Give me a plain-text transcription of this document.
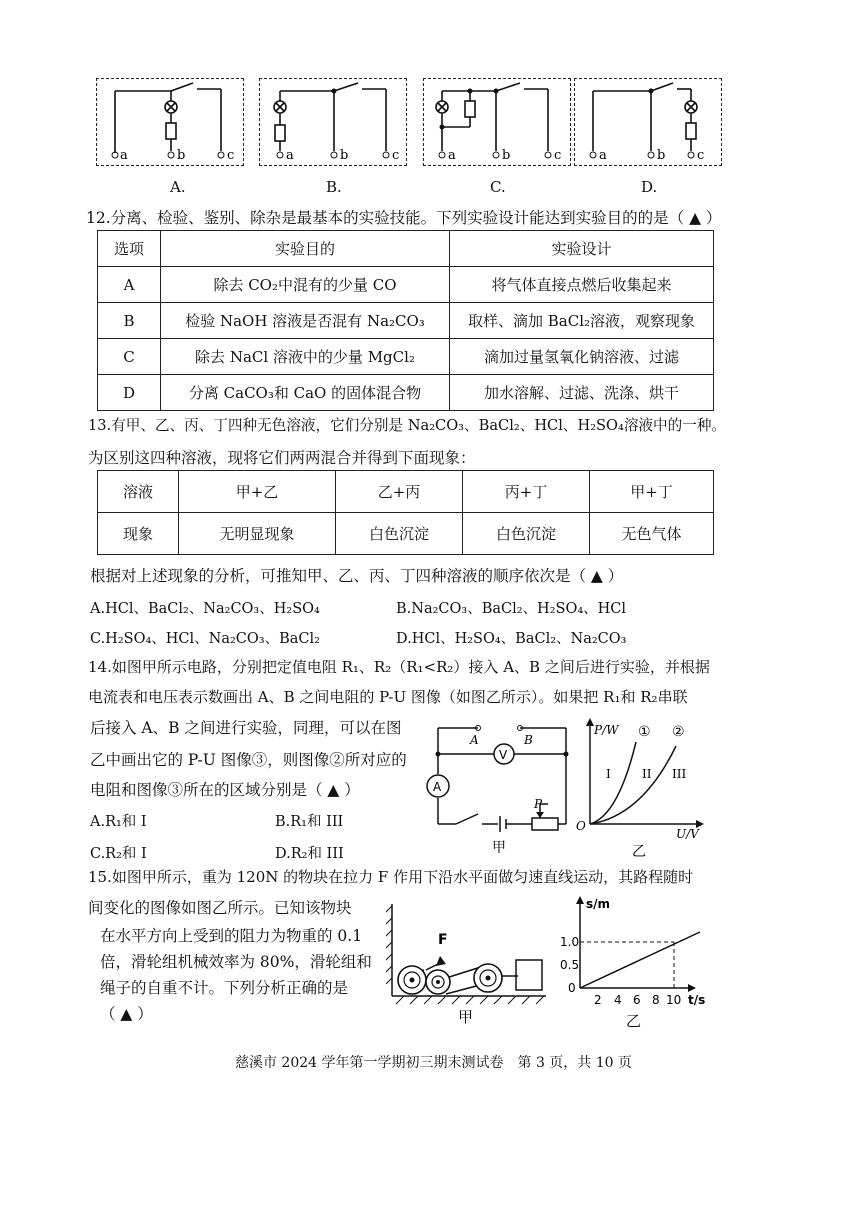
a	b	c	a	b	c	a	b	c	a	b c
A.	B.	C.	D.
12.分离、检验、鉴别、除杂是最基本的实验技能。下列实验设计能达到实验目的的是（ ▲ ）
选项	实验目的	实验设计
A	除去 CO₂中混有的少量 CO	将气体直接点燃后收集起来
B	检验 NaOH 溶液是否混有 Na₂CO₃	取样、滴加 BaCl₂溶液，观察现象
C	除去 NaCl 溶液中的少量 MgCl₂	滴加过量氢氧化钠溶液、过滤
D	分离 CaCO₃和 CaO 的固体混合物	加水溶解、过滤、洗涤、烘干
13.有甲、乙、丙、丁四种无色溶液，它们分别是 Na₂CO₃、BaCl₂、HCl、H₂SO₄溶液中的一种。
为区别这四种溶液，现将它们两两混合并得到下面现象：
溶液	甲+乙	乙+丙	丙+丁	甲+丁
现象	无明显现象	白色沉淀	白色沉淀	无色气体
根据对上述现象的分析，可推知甲、乙、丙、丁四种溶液的顺序依次是（ ▲ ）
A.HCl、BaCl₂、Na₂CO₃、H₂SO₄	B.Na₂CO₃、BaCl₂、H₂SO₄、HCl
C.H₂SO₄、HCl、Na₂CO₃、BaCl₂	D.HCl、H₂SO₄、BaCl₂、Na₂CO₃
14.如图甲所示电路，分别把定值电阻 R₁、R₂（R₁<R₂）接入 A、B 之间后进行实验，并根据
电流表和电压表示数画出 A、B 之间电阻的 P-U 图像（如图乙所示）。如果把 R₁和 R₂串联
后接入 A、B 之间进行实验，同理，可以在图
乙中画出它的 P-U 图像③，则图像②所对应的
电阻和图像③所在的区域分别是（ ▲ ）
A.R₁和 I	B.R₁和 III
C.R₂和 I	D.R₂和 III
A	B
V
A
P
甲
P/W ① ②
I	II III
O
U/V
乙
15.如图甲所示，重为 120N 的物块在拉力 F 作用下沿水平面做匀速直线运动，其路程随时
间变化的图像如图乙所示。已知该物块
在水平方向上受到的阻力为物重的 0.1
倍，滑轮组机械效率为 80%，滑轮组和
绳子的自重不计。下列分析正确的是
（ ▲ ）
F
甲
s/m
1.0
0.5
0
2 4 6 8 10 t/s
乙
慈溪市 2024 学年第一学期初三期末测试卷　第 3 页，共 10 页
